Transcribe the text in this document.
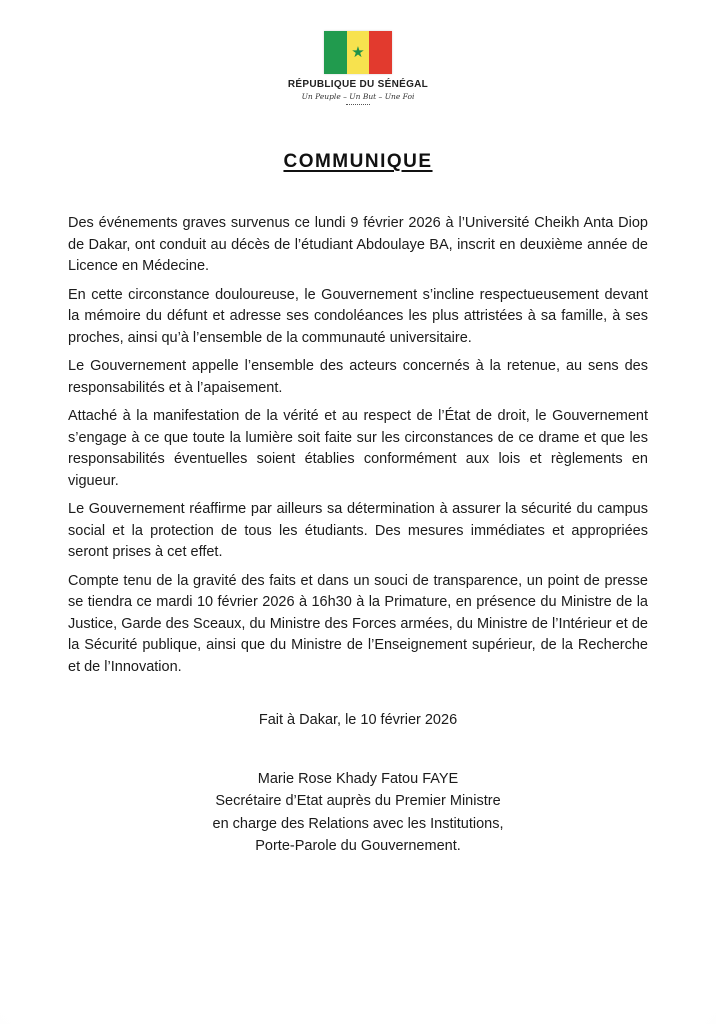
★
RÉPUBLIQUE DU SÉNÉGAL
Un Peuple – Un But – Une Foi
COMMUNIQUE

Des événements graves survenus ce lundi 9 février 2026 à l’Université Cheikh Anta Diop de Dakar, ont conduit au décès de l’étudiant Abdoulaye BA, inscrit en deuxième année de Licence en Médecine.

En cette circonstance douloureuse, le Gouvernement s’incline respectueusement devant la mémoire du défunt et adresse ses condoléances les plus attristées à sa famille, à ses proches, ainsi qu’à l’ensemble de la communauté universitaire.

Le Gouvernement appelle l’ensemble des acteurs concernés à la retenue, au sens des responsabilités et à l’apaisement.

Attaché à la manifestation de la vérité et au respect de l’État de droit, le Gouvernement s’engage à ce que toute la lumière soit faite sur les circonstances de ce drame et que les responsabilités éventuelles soient établies conformément aux lois et règlements en vigueur.

Le Gouvernement réaffirme par ailleurs sa détermination à assurer la sécurité du campus social et la protection de tous les étudiants. Des mesures immédiates et appropriées seront prises à cet effet.

Compte tenu de la gravité des faits et dans un souci de transparence, un point de presse se tiendra ce mardi 10 février 2026 à 16h30 à la Primature, en présence du Ministre de la Justice, Garde des Sceaux, du Ministre des Forces armées, du Ministre de l’Intérieur et de la Sécurité publique, ainsi que du Ministre de l’Enseignement supérieur, de la Recherche et de l’Innovation.

Fait à Dakar, le 10 février 2026

Marie Rose Khady Fatou FAYE
Secrétaire d’Etat auprès du Premier Ministre
en charge des Relations avec les Institutions,
Porte-Parole du Gouvernement.
